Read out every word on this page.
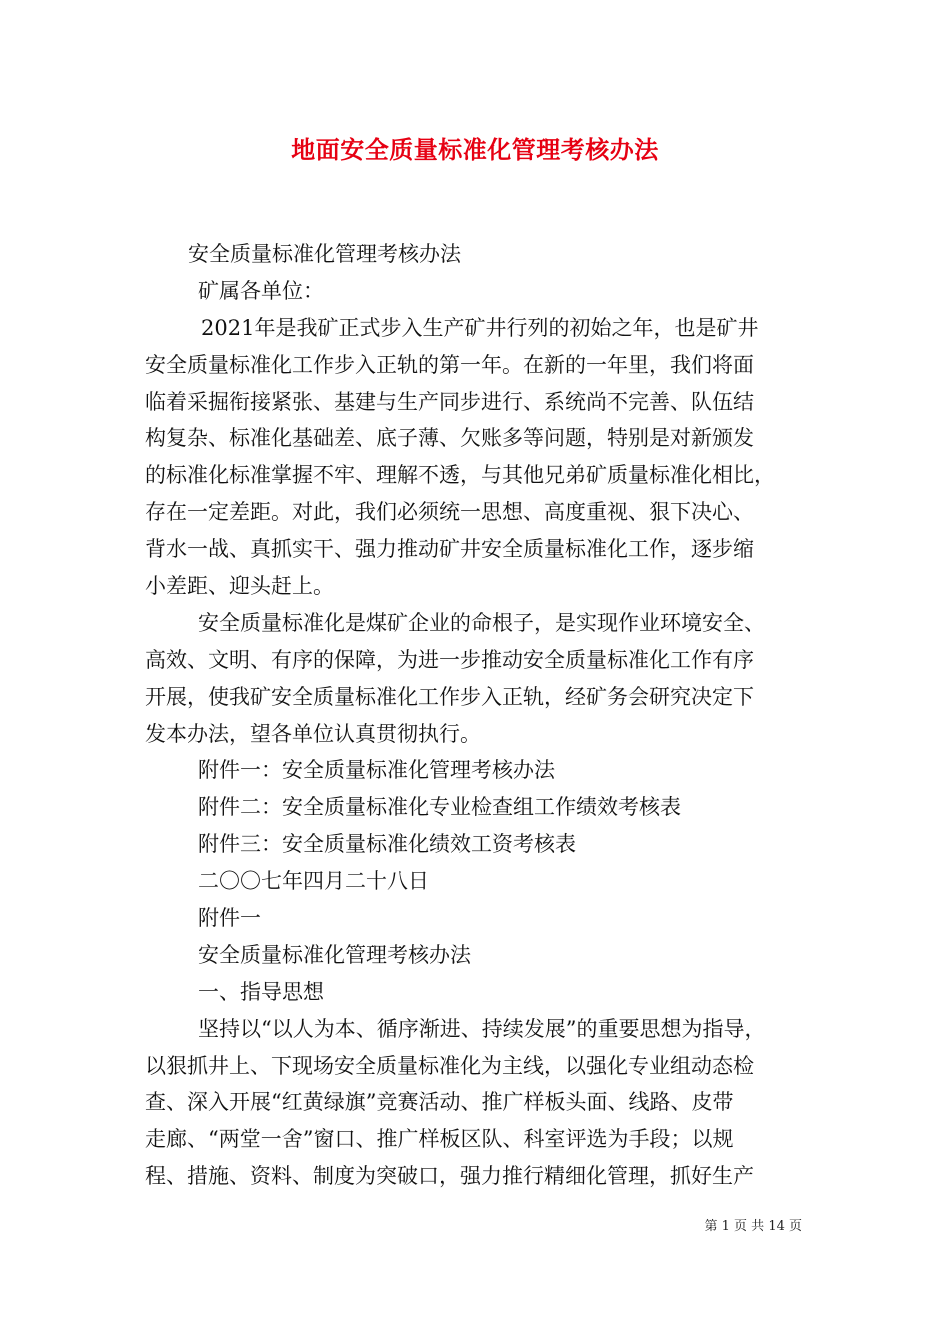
地面安全质量标准化管理考核办法
安全质量标准化管理考核办法
矿属各单位：
2021年是我矿正式步入生产矿井行列的初始之年，也是矿井
安全质量标准化工作步入正轨的第一年。在新的一年里，我们将面
临着采掘衔接紧张、基建与生产同步进行、系统尚不完善、队伍结
构复杂、标准化基础差、底子薄、欠账多等问题，特别是对新颁发
的标准化标准掌握不牢、理解不透，与其他兄弟矿质量标准化相比，
存在一定差距。对此，我们必须统一思想、高度重视、狠下决心、
背水一战、真抓实干、强力推动矿井安全质量标准化工作，逐步缩
小差距、迎头赶上。
安全质量标准化是煤矿企业的命根子，是实现作业环境安全、
高效、文明、有序的保障，为进一步推动安全质量标准化工作有序
开展，使我矿安全质量标准化工作步入正轨，经矿务会研究决定下
发本办法，望各单位认真贯彻执行。
附件一：安全质量标准化管理考核办法
附件二：安全质量标准化专业检查组工作绩效考核表
附件三：安全质量标准化绩效工资考核表
二〇〇七年四月二十八日
附件一
安全质量标准化管理考核办法
一、指导思想
坚持以“以人为本、循序渐进、持续发展”的重要思想为指导，
以狠抓井上、下现场安全质量标准化为主线，以强化专业组动态检
查、深入开展“红黄绿旗”竞赛活动、推广样板头面、线路、皮带
走廊、“两堂一舍”窗口、推广样板区队、科室评选为手段；以规
程、措施、资料、制度为突破口，强力推行精细化管理，抓好生产
第 1 页 共 14 页
